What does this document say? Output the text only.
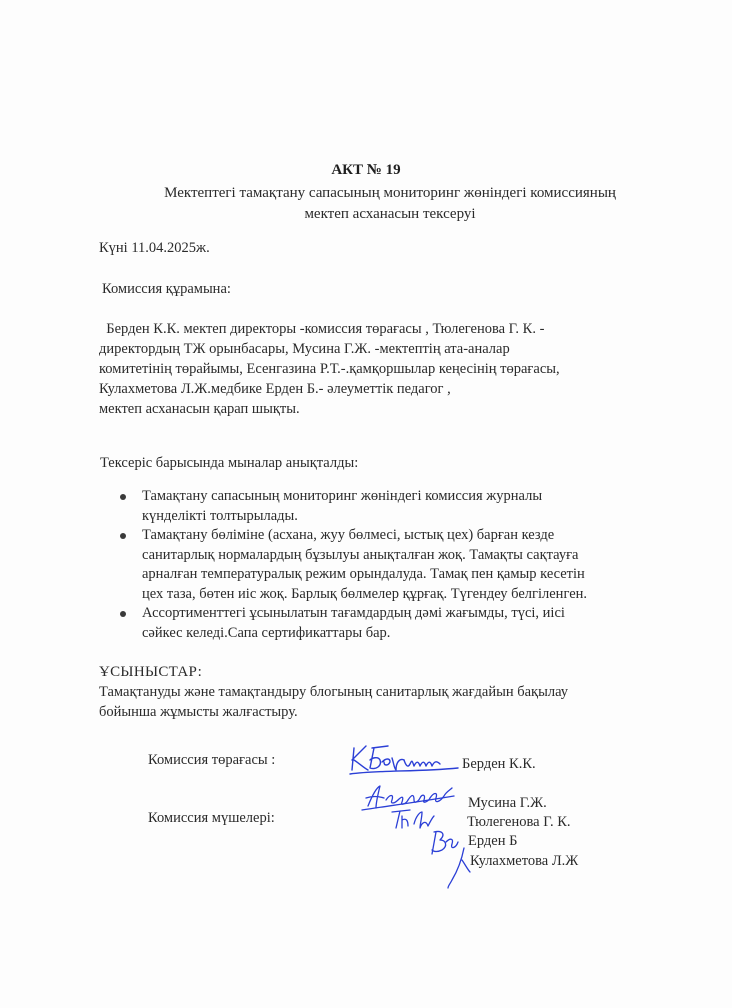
АКТ № 19
Мектептегі тамақтану сапасының мониторинг жөніндегі комиссияның
мектеп асханасын тексеруі
Күні 11.04.2025ж.
Комиссия құрамына:
Берден К.К. мектеп директоры -комиссия төрағасы , Тюлегенова Г. К. -
директордың ТЖ орынбасары, Мусина Г.Ж. -мектептің ата-аналар
комитетінің төрайымы, Есенгазина Р.Т.-.қамқоршылар кеңесінің төрағасы,
Кулахметова Л.Ж.медбике Ерден Б.- әлеуметтік педагог ,
мектеп асханасын қарап шықты.
Тексеріс барысында мыналар анықталды:
Тамақтану сапасының мониторинг жөніндегі комиссия журналы
күнделікті толтырылады.
Тамақтану бөліміне (асхана, жуу бөлмесі, ыстық цех) барған кезде
санитарлық нормалардың бұзылуы анықталған жоқ. Тамақты сақтауға
арналған температуралық режим орындалуда. Тамақ пен қамыр кесетін
цех таза, бөтен иіс жоқ. Барлық бөлмелер құрғақ. Түгендеу белгіленген.
Ассортименттегі ұсынылатын тағамдардың дәмі жағымды, түсі, иісі
сәйкес келеді.Сапа сертификаттары бар.
ҰСЫНЫСТАР:
Тамақтануды және тамақтандыру блогының санитарлық жағдайын бақылау
бойынша жұмысты жалғастыру.
Комиссия төрағасы :	Берден К.К.
Комиссия мүшелері:
Мусина Г.Ж.
Тюлегенова Г. К.
Ерден Б
Кулахметова Л.Ж
